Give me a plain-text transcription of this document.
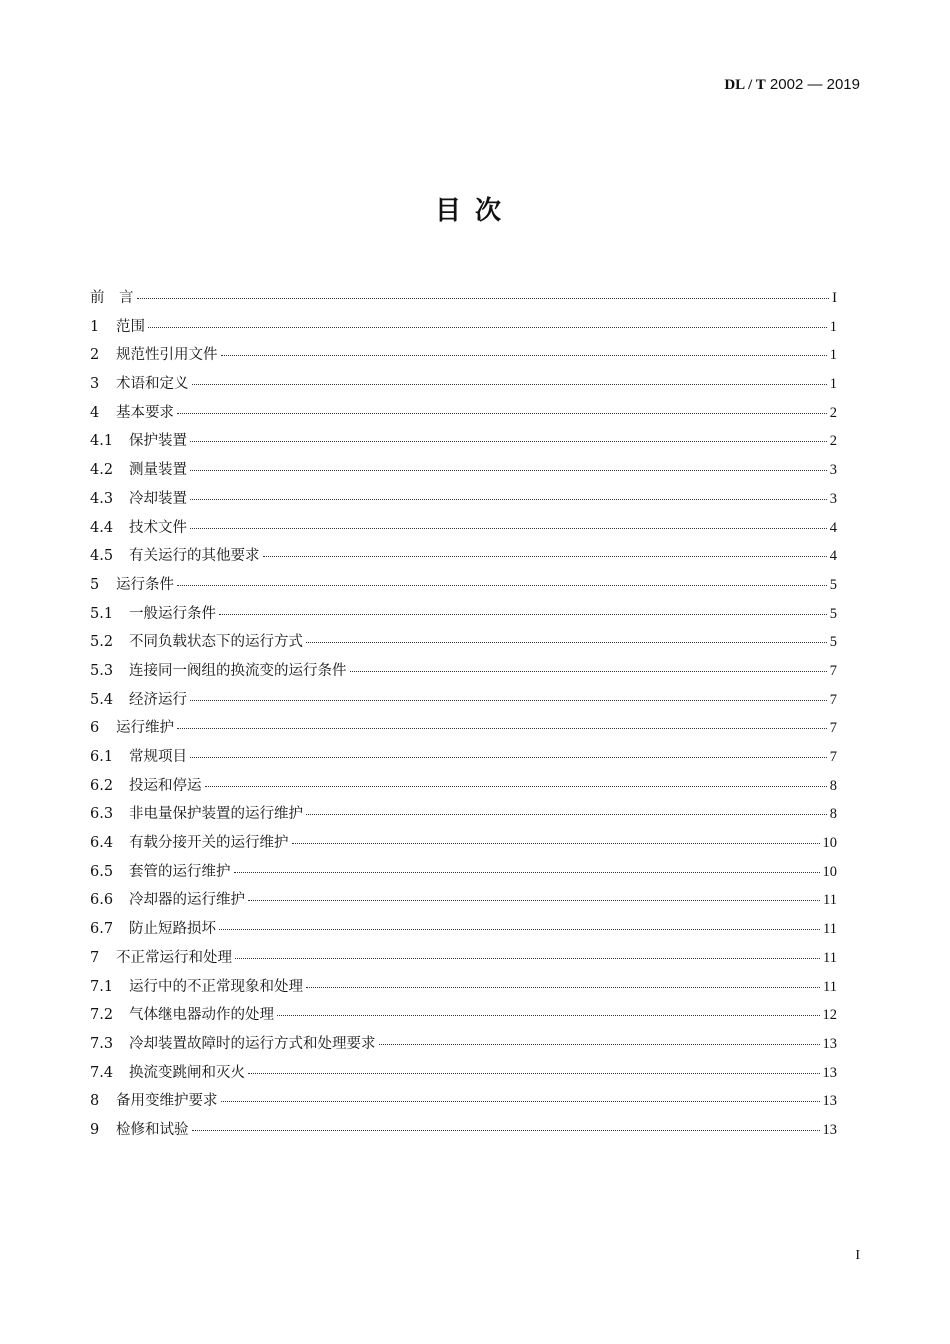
DL / T 2002 — 2019
目次
前　言	I
1	范围	1
2	规范性引用文件	1
3	术语和定义	1
4	基本要求	2
4.1	保护装置	2
4.2	测量装置	3
4.3	冷却装置	3
4.4	技术文件	4
4.5	有关运行的其他要求	4
5	运行条件	5
5.1	一般运行条件	5
5.2	不同负载状态下的运行方式	5
5.3	连接同一阀组的换流变的运行条件	7
5.4	经济运行	7
6	运行维护	7
6.1	常规项目	7
6.2	投运和停运	8
6.3	非电量保护装置的运行维护	8
6.4	有载分接开关的运行维护	10
6.5	套管的运行维护	10
6.6	冷却器的运行维护	11
6.7	防止短路损坏	11
7	不正常运行和处理	11
7.1	运行中的不正常现象和处理	11
7.2	气体继电器动作的处理	12
7.3	冷却装置故障时的运行方式和处理要求	13
7.4	换流变跳闸和灭火	13
8	备用变维护要求	13
9	检修和试验	13
I
